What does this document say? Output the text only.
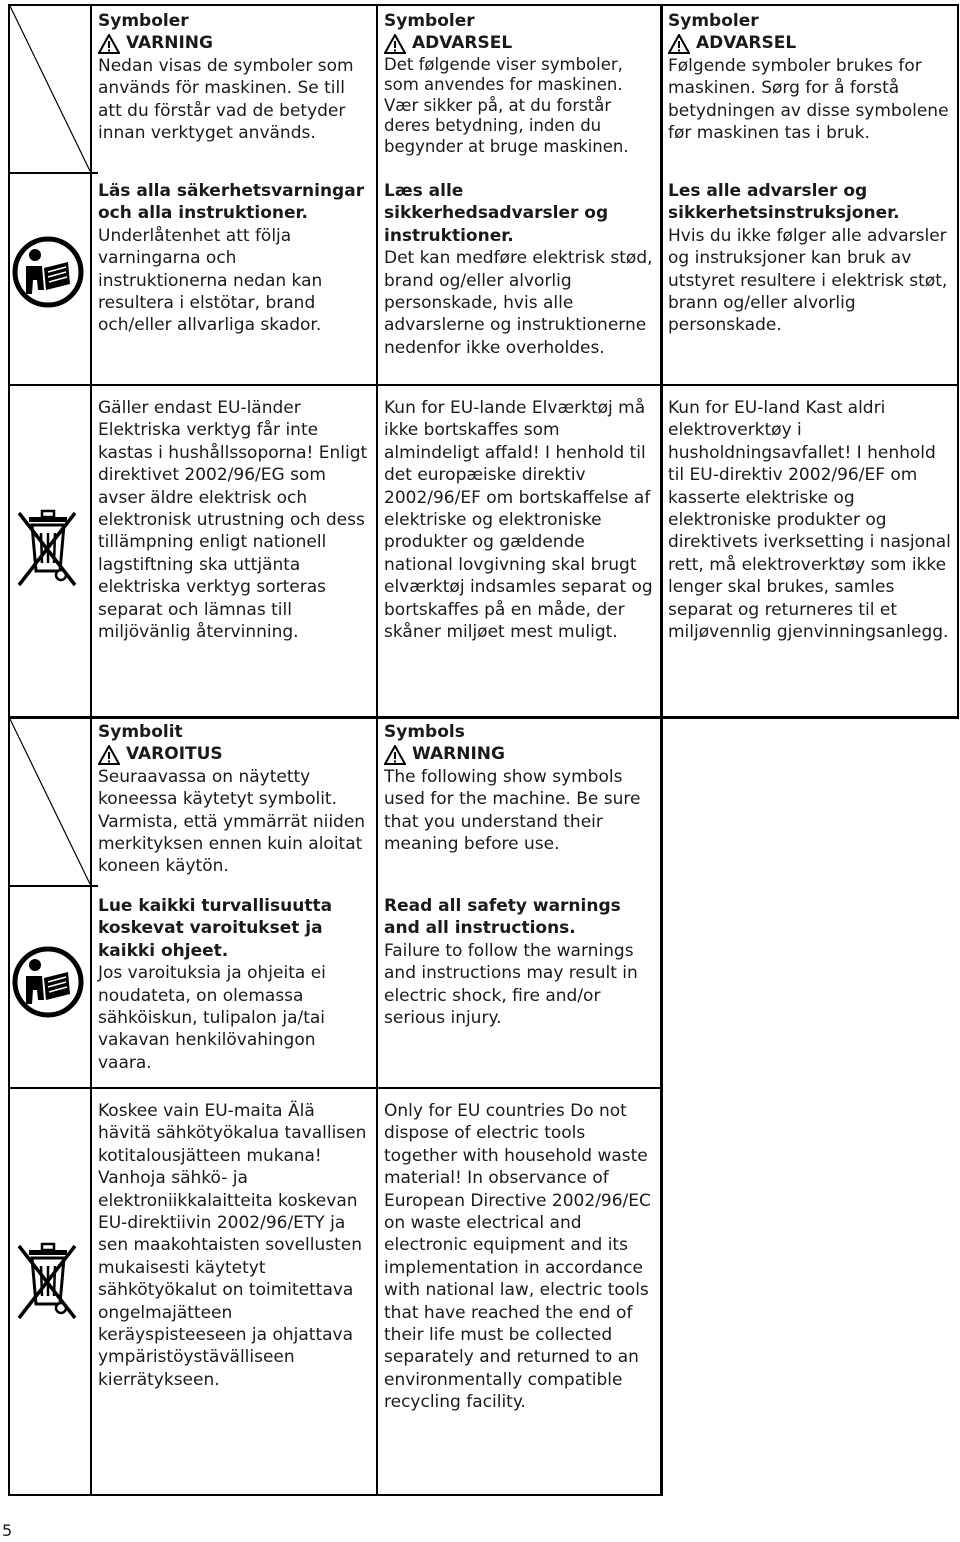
Symboler

VARNING

Nedan visas de symboler som används för maskinen. Se till att du förstår vad de betyder innan verktyget används.

Läs alla säkerhetsvarningar och alla instruktioner.

Underlåtenhet att följa varningarna och instruktionerna nedan kan resultera i elstötar, brand och/eller allvarliga skador.

Gäller endast EU-länder Elektriska verktyg får inte kastas i hushållssoporna! Enligt direktivet 2002/96/EG som avser äldre elektrisk och elektronisk utrustning och dess tillämpning enligt nationell lagstiftning ska uttjänta elektriska verktyg sorteras separat och lämnas till miljövänlig återvinning.

Symboler

ADVARSEL

Det følgende viser symboler, som anvendes for maskinen. Vær sikker på, at du forstår deres betydning, inden du begynder at bruge maskinen.

Læs alle sikkerhedsadvarsler og instruktioner.

Det kan medføre elektrisk stød, brand og/eller alvorlig personskade, hvis alle advarslerne og instruktionerne nedenfor ikke overholdes.

Kun for EU-lande Elværktøj må ikke bortskaffes som almindeligt affald! I henhold til det europæiske direktiv 2002/96/EF om bortskaffelse af elektriske og elektroniske produkter og gældende national lovgivning skal brugt elværktøj indsamles separat og bortskaffes på en måde, der skåner miljøet mest muligt.

Symboler

ADVARSEL

Følgende symboler brukes for maskinen. Sørg for å forstå betydningen av disse symbolene før maskinen tas i bruk.

Les alle advarsler og sikkerhetsinstruksjoner.

Hvis du ikke følger alle advarsler og instruksjoner kan bruk av utstyret resultere i elektrisk støt, brann og/eller alvorlig personskade.

Kun for EU-land Kast aldri elektroverktøy i husholdningsavfallet! I henhold til EU-direktiv 2002/96/EF om kasserte elektriske og elektroniske produkter og direktivets iverksetting i nasjonal rett, må elektroverktøy som ikke lenger skal brukes, samles separat og returneres til et miljøvennlig gjenvinningsanlegg.

Symbolit

VAROITUS

Seuraavassa on näytetty koneessa käytetyt symbolit. Varmista, että ymmärrät niiden merkityksen ennen kuin aloitat koneen käytön.

Lue kaikki turvallisuutta koskevat varoitukset ja kaikki ohjeet.

Jos varoituksia ja ohjeita ei noudateta, on olemassa sähköiskun, tulipalon ja/tai vakavan henkilövahingon vaara.

Koskee vain EU-maita Älä hävitä sähkötyökalua tavallisen kotitalousjätteen mukana! Vanhoja sähkö- ja elektroniikkalaitteita koskevan EU-direktiivin 2002/96/ETY ja sen maakohtaisten sovellusten mukaisesti käytetyt sähkötyökalut on toimitettava ongelmajätteen keräyspisteeseen ja ohjattava ympäristöystävälliseen kierrätykseen.

Symbols

WARNING

The following show symbols used for the machine. Be sure that you understand their meaning before use.

Read all safety warnings and all instructions.

Failure to follow the warnings and instructions may result in electric shock, fire and/or serious injury.

Only for EU countries Do not dispose of electric tools together with household waste material! In observance of European Directive 2002/96/EC on waste electrical and electronic equipment and its implementation in accordance with national law, electric tools that have reached the end of their life must be collected separately and returned to an environmentally compatible recycling facility.

5
